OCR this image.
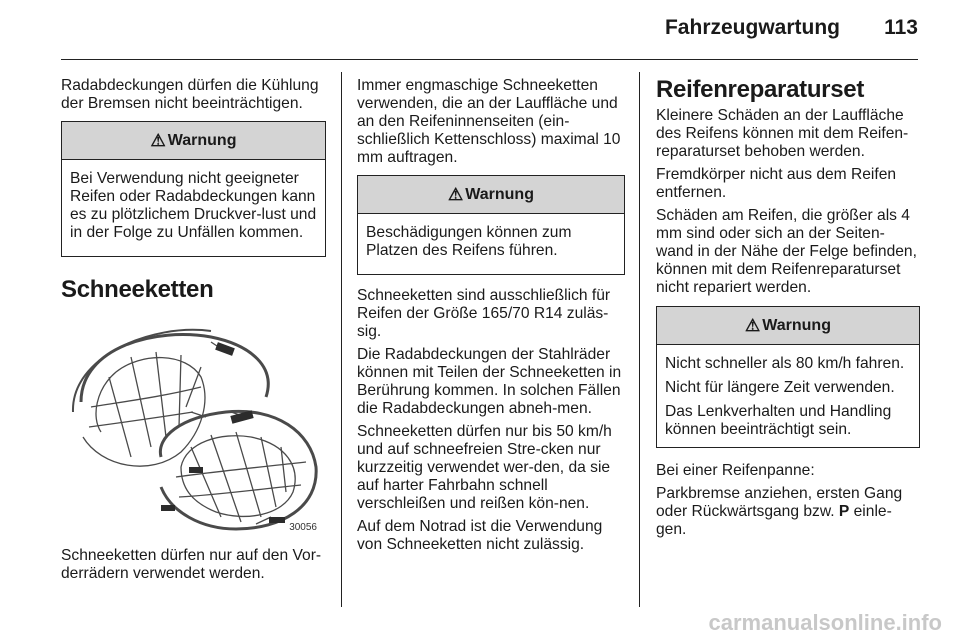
Fahrzeugwartung 113

Radabdeckungen dürfen die Kühlung der Bremsen nicht beeinträchtigen.

⚠ Warnung

Bei Verwendung nicht geeigneter Reifen oder Radabdeckungen kann es zu plötzlichem Druckver-lust und in der Folge zu Unfällen kommen.

Schneeketten
30056

Schneeketten dürfen nur auf den Vor-derrädern verwendet werden.

Immer engmaschige Schneeketten verwenden, die an der Lauffläche und an den Reifeninnenseiten (ein-schließlich Kettenschloss) maximal 10 mm auftragen.

⚠ Warnung

Beschädigungen können zum Platzen des Reifens führen.

Schneeketten sind ausschließlich für Reifen der Größe 165/70 R14 zuläs-sig.

Die Radabdeckungen der Stahlräder können mit Teilen der Schneeketten in Berührung kommen. In solchen Fällen die Radabdeckungen abneh-men.

Schneeketten dürfen nur bis 50 km/h und auf schneefreien Stre-cken nur kurzzeitig verwendet wer-den, da sie auf harter Fahrbahn schnell verschleißen und reißen kön-nen.

Auf dem Notrad ist die Verwendung von Schneeketten nicht zulässig.

Reifenreparaturset

Kleinere Schäden an der Lauffläche des Reifens können mit dem Reifen-reparaturset behoben werden.

Fremdkörper nicht aus dem Reifen entfernen.

Schäden am Reifen, die größer als 4 mm sind oder sich an der Seiten-wand in der Nähe der Felge befinden, können mit dem Reifenreparaturset nicht repariert werden.

⚠ Warnung

Nicht schneller als 80 km/h fahren.

Nicht für längere Zeit verwenden.

Das Lenkverhalten und Handling können beeinträchtigt sein.

Bei einer Reifenpanne:

Parkbremse anziehen, ersten Gang oder Rückwärtsgang bzw. P einle-gen.

carmanualsonline.info
